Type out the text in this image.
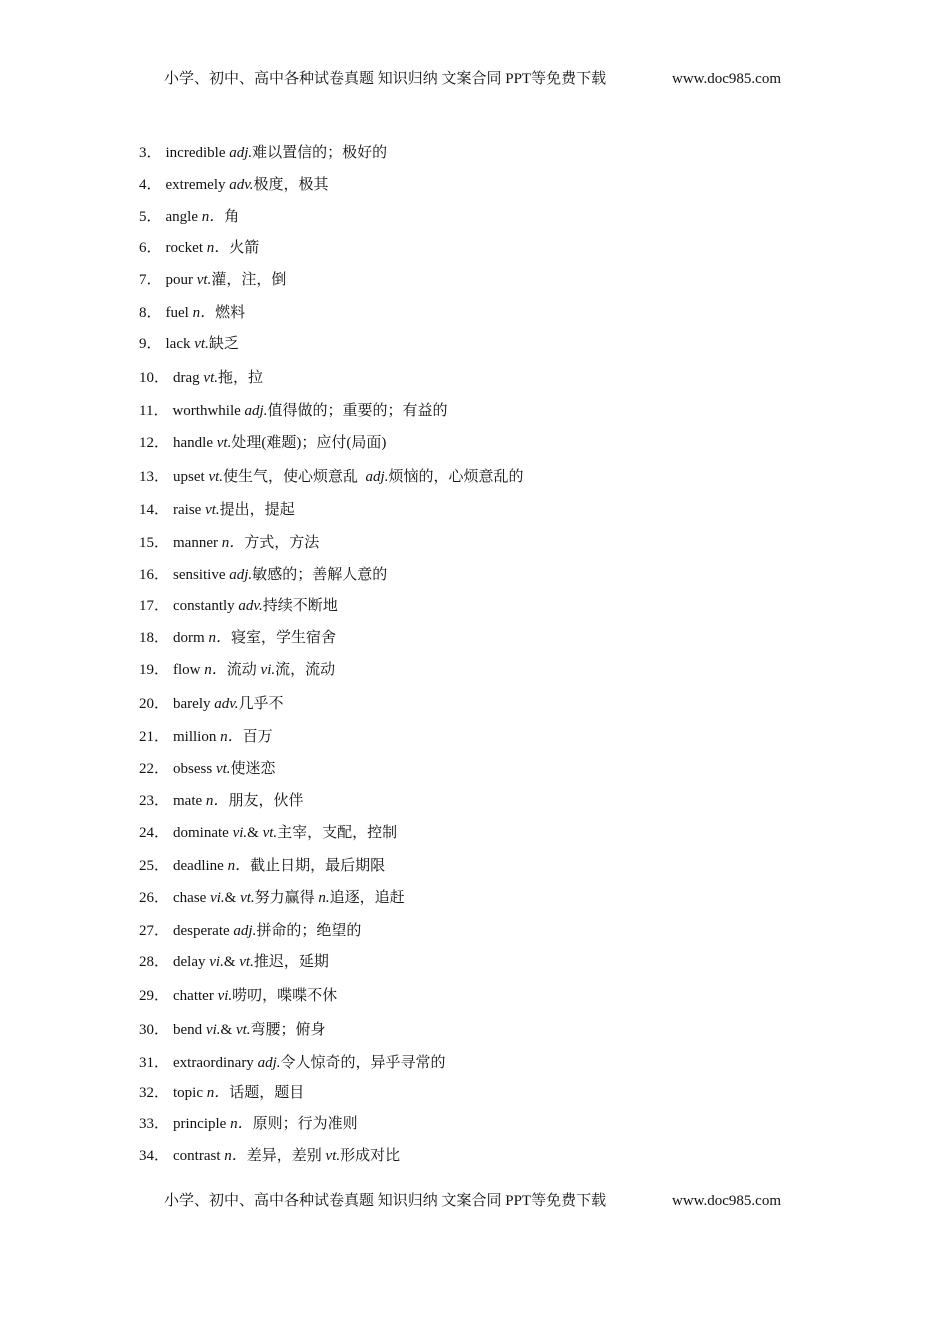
小学、初中、高中各种试卷真题 知识归纳 文案合同 PPT等免费下载	www.doc985.com
3． incredible adj.难以置信的；极好的
4． extremely adv.极度，极其
5． angle n．角
6． rocket n．火箭
7． pour vt.灌，注，倒
8． fuel n．燃料
9． lack vt.缺乏
10． drag vt.拖，拉
11． worthwhile adj.值得做的；重要的；有益的
12． handle vt.处理(难题)；应付(局面)
13． upset vt.使生气，使心烦意乱  adj.烦恼的，心烦意乱的
14． raise vt.提出，提起
15． manner n．方式，方法
16． sensitive adj.敏感的；善解人意的
17． constantly adv.持续不断地
18． dorm n．寝室，学生宿舍
19． flow n．流动 vi.流，流动
20． barely adv.几乎不
21． million n．百万
22． obsess vt.使迷恋
23． mate n．朋友，伙伴
24． dominate vi.& vt.主宰，支配，控制
25． deadline n．截止日期，最后期限
26． chase vi.& vt.努力赢得 n.追逐，追赶
27． desperate adj.拼命的；绝望的
28． delay vi.& vt.推迟，延期
29． chatter vi.唠叨，喋喋不休
30． bend vi.& vt.弯腰；俯身
31． extraordinary adj.令人惊奇的，异乎寻常的
32． topic n．话题，题目
33． principle n．原则；行为准则
34． contrast n．差异，差别 vt.形成对比
小学、初中、高中各种试卷真题 知识归纳 文案合同 PPT等免费下载	www.doc985.com
